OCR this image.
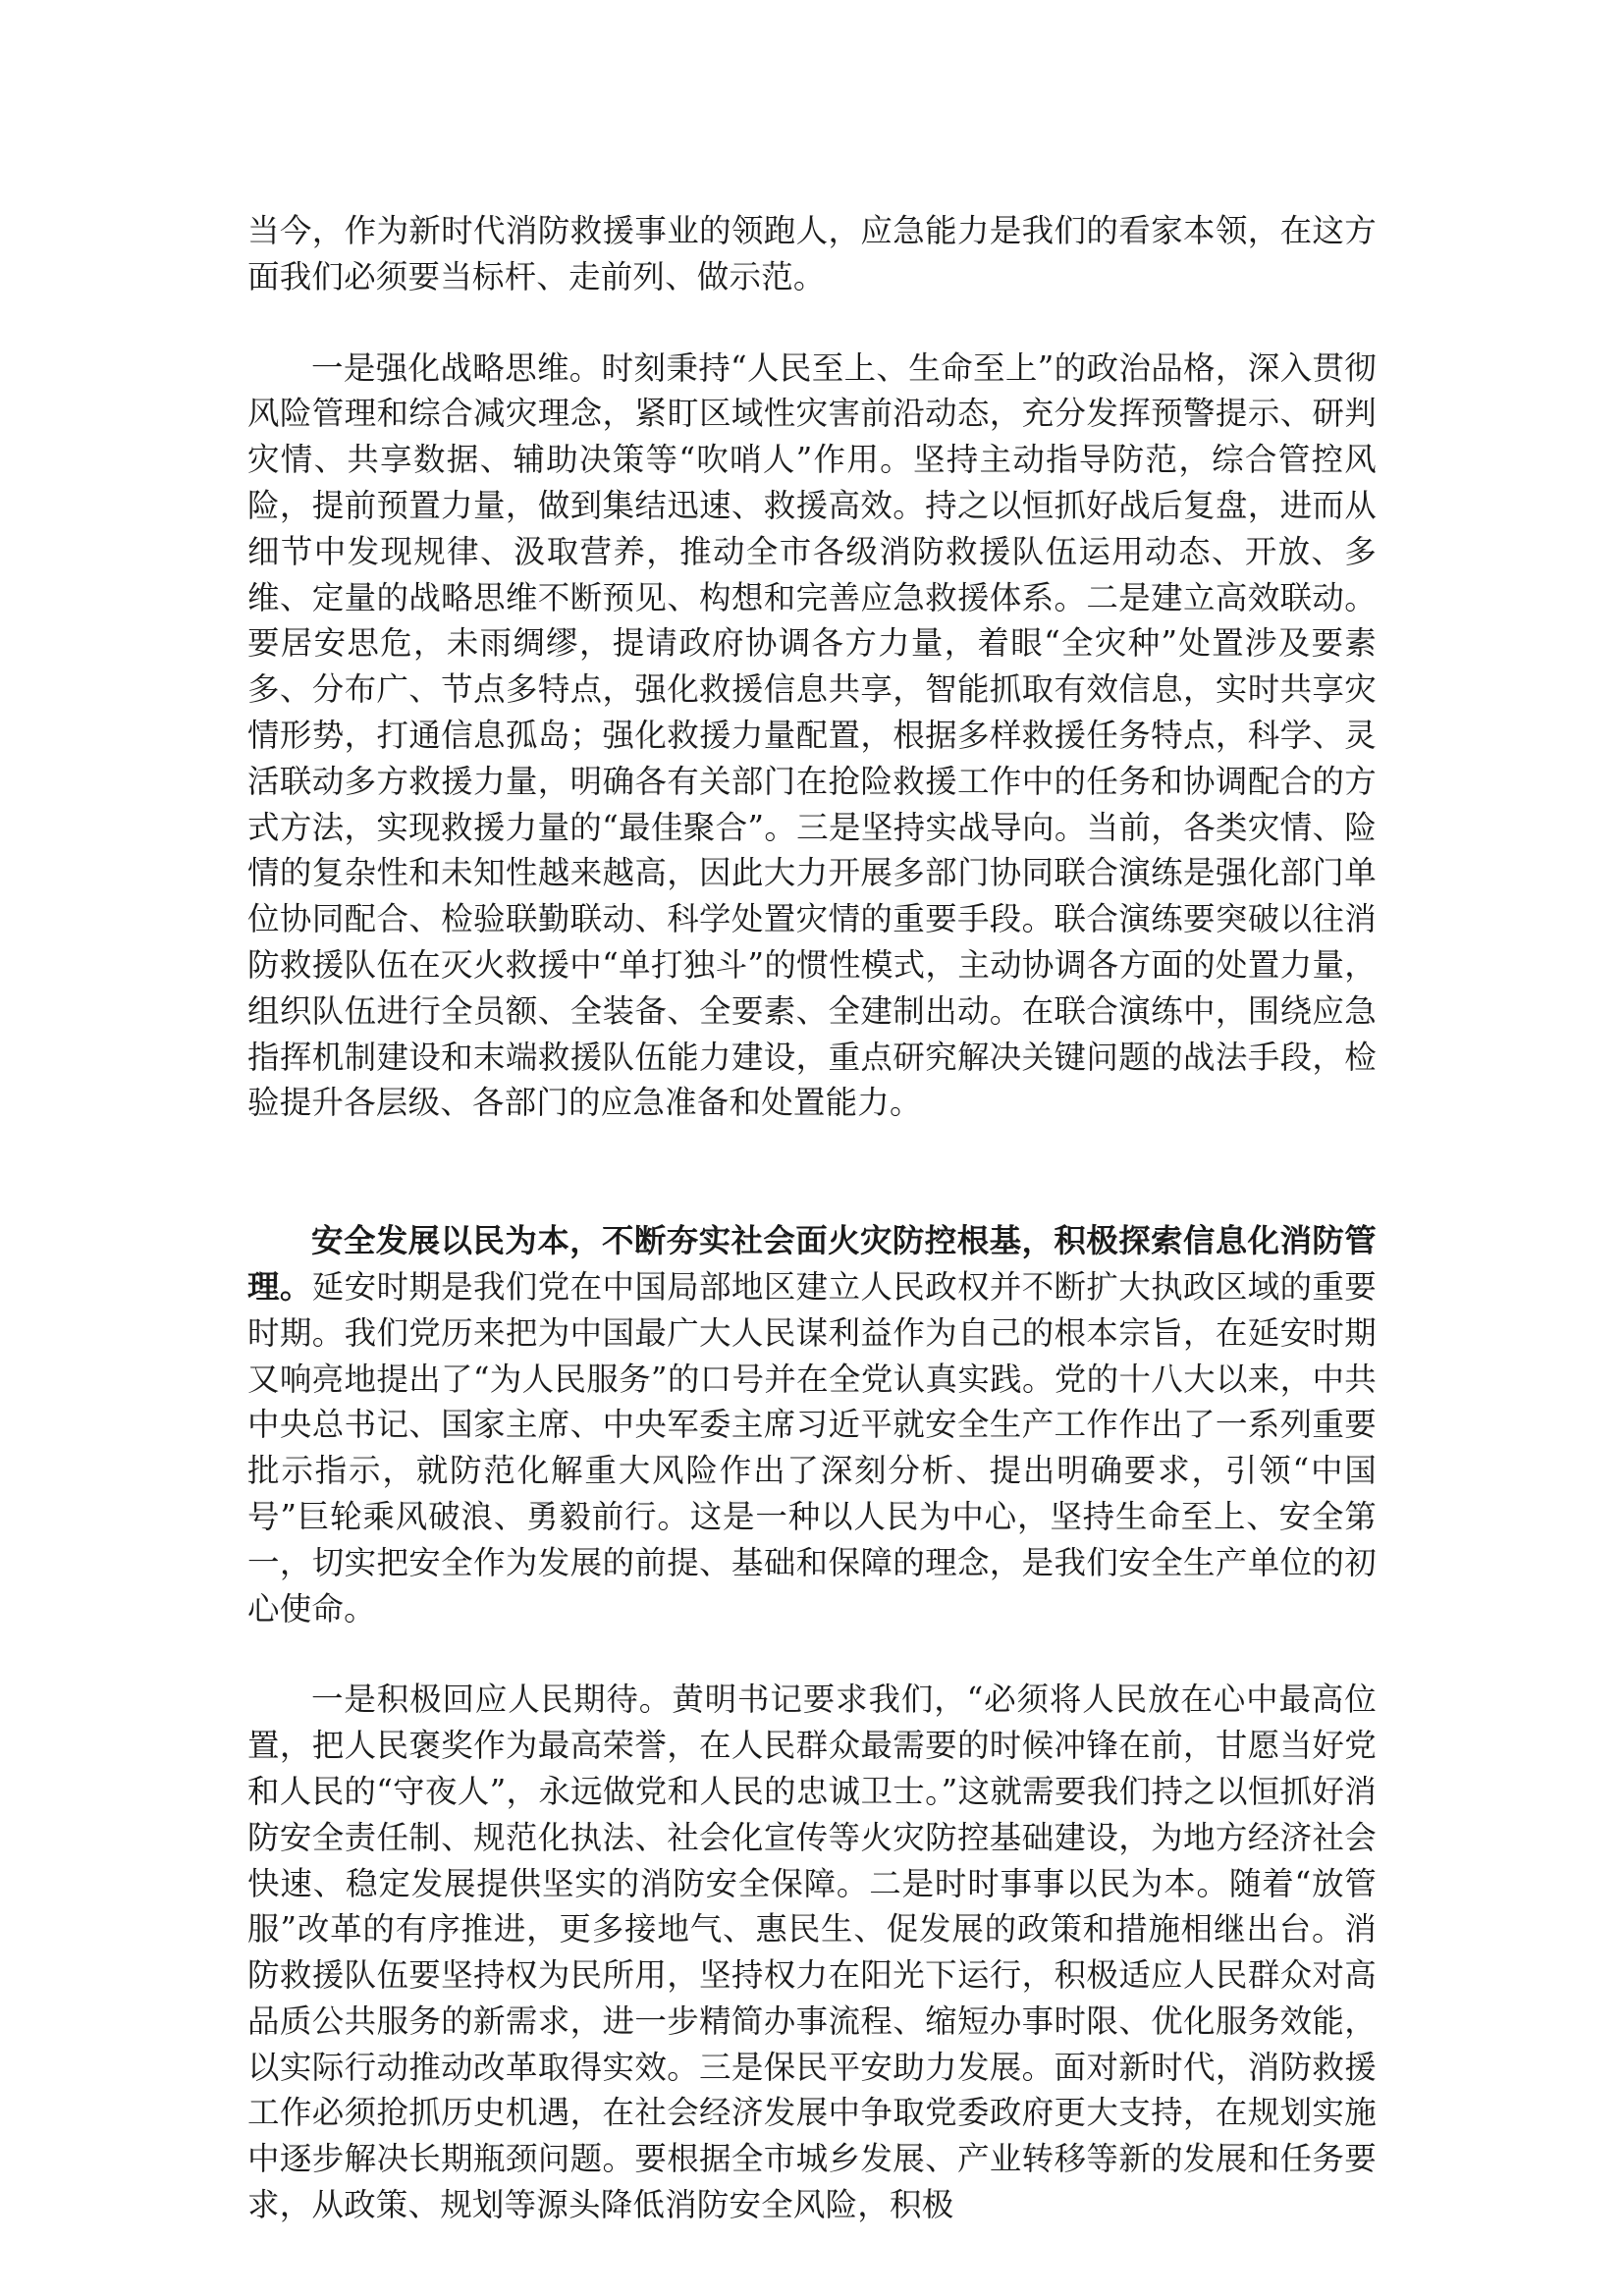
当今，作为新时代消防救援事业的领跑人，应急能力是我们的看家本领，在这方面我们必须要当标杆、走前列、做示范。

一是强化战略思维。时刻秉持“人民至上、生命至上”的政治品格，深入贯彻风险管理和综合减灾理念，紧盯区域性灾害前沿动态，充分发挥预警提示、研判灾情、共享数据、辅助决策等“吹哨人”作用。坚持主动指导防范，综合管控风险，提前预置力量，做到集结迅速、救援高效。持之以恒抓好战后复盘，进而从细节中发现规律、汲取营养，推动全市各级消防救援队伍运用动态、开放、多维、定量的战略思维不断预见、构想和完善应急救援体系。二是建立高效联动。要居安思危，未雨绸缪，提请政府协调各方力量，着眼“全灾种”处置涉及要素多、分布广、节点多特点，强化救援信息共享，智能抓取有效信息，实时共享灾情形势，打通信息孤岛；强化救援力量配置，根据多样救援任务特点，科学、灵活联动多方救援力量，明确各有关部门在抢险救援工作中的任务和协调配合的方式方法，实现救援力量的“最佳聚合”。三是坚持实战导向。当前，各类灾情、险情的复杂性和未知性越来越高，因此大力开展多部门协同联合演练是强化部门单位协同配合、检验联勤联动、科学处置灾情的重要手段。联合演练要突破以往消防救援队伍在灭火救援中“单打独斗”的惯性模式，主动协调各方面的处置力量，组织队伍进行全员额、全装备、全要素、全建制出动。在联合演练中，围绕应急指挥机制建设和末端救援队伍能力建设，重点研究解决关键问题的战法手段，检验提升各层级、各部门的应急准备和处置能力。

安全发展以民为本，不断夯实社会面火灾防控根基，积极探索信息化消防管理。延安时期是我们党在中国局部地区建立人民政权并不断扩大执政区域的重要时期。我们党历来把为中国最广大人民谋利益作为自己的根本宗旨，在延安时期又响亮地提出了“为人民服务”的口号并在全党认真实践。党的十八大以来，中共中央总书记、国家主席、中央军委主席习近平就安全生产工作作出了一系列重要批示指示，就防范化解重大风险作出了深刻分析、提出明确要求，引领“中国号”巨轮乘风破浪、勇毅前行。这是一种以人民为中心，坚持生命至上、安全第一，切实把安全作为发展的前提、基础和保障的理念，是我们安全生产单位的初心使命。

一是积极回应人民期待。黄明书记要求我们，“必须将人民放在心中最高位置，把人民褒奖作为最高荣誉，在人民群众最需要的时候冲锋在前，甘愿当好党和人民的“守夜人”，永远做党和人民的忠诚卫士。”这就需要我们持之以恒抓好消防安全责任制、规范化执法、社会化宣传等火灾防控基础建设，为地方经济社会快速、稳定发展提供坚实的消防安全保障。二是时时事事以民为本。随着“放管服”改革的有序推进，更多接地气、惠民生、促发展的政策和措施相继出台。消防救援队伍要坚持权为民所用，坚持权力在阳光下运行，积极适应人民群众对高品质公共服务的新需求，进一步精简办事流程、缩短办事时限、优化服务效能，以实际行动推动改革取得实效。三是保民平安助力发展。面对新时代，消防救援工作必须抢抓历史机遇，在社会经济发展中争取党委政府更大支持，在规划实施中逐步解决长期瓶颈问题。要根据全市城乡发展、产业转移等新的发展和任务要求，从政策、规划等源头降低消防安全风险，积极
